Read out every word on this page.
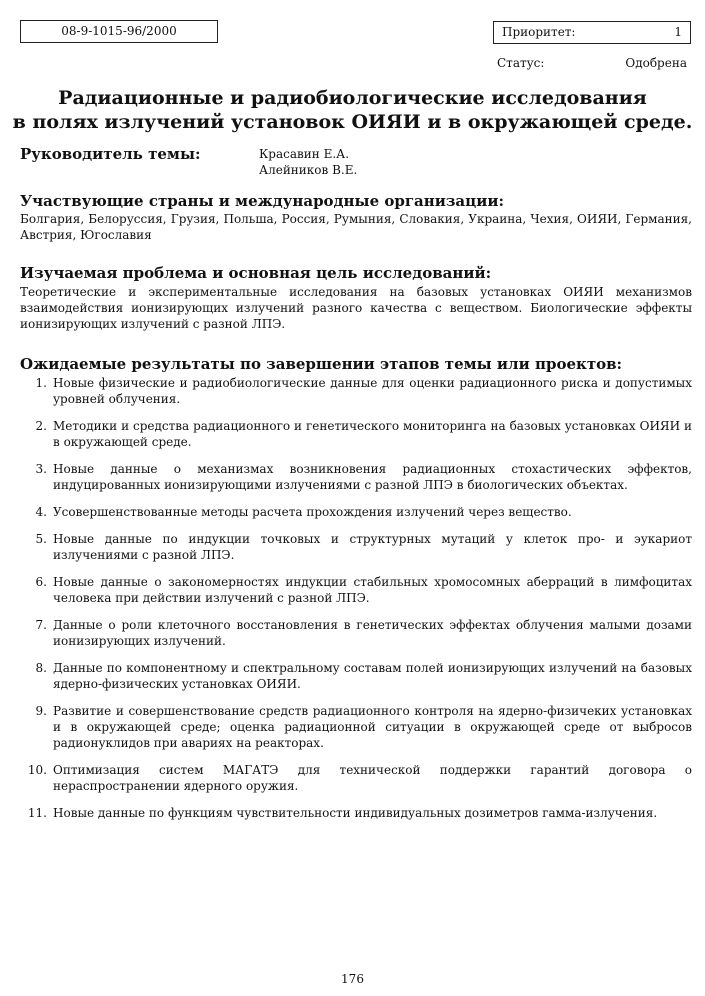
08-9-1015-96/2000	Приоритет:	1
Статус:	Одобрена
Радиационные и радиобиологические исследования
в полях излучений установок ОИЯИ и в окружающей среде.
Руководитель темы:	Красавин Е.А.
Алейников В.Е.
Участвующие страны и международные организации:
Болгария, Белоруссия, Грузия, Польша, Россия, Румыния, Словакия, Украина, Чехия, ОИЯИ, Германия, Австрия, Югославия
Изучаемая проблема и основная цель исследований:
Теоретические и экспериментальные исследования на базовых установках ОИЯИ механизмов взаимодействия ионизирующих излучений разного качества с веществом. Биологические эффекты ионизирующих излучений с разной ЛПЭ.
Ожидаемые результаты по завершении этапов темы или проектов:
1. Новые физические и радиобиологические данные для оценки радиационного риска и допустимых уровней облучения.
2. Методики и средства радиационного и генетического мониторинга на базовых установках ОИЯИ и в окружающей среде.
3. Новые данные о механизмах возникновения радиационных стохастических эффектов, индуцированных ионизирующими излучениями с разной ЛПЭ в биологических объектах.
4. Усовершенствованные методы расчета прохождения излучений через вещество.
5. Новые данные по индукции точковых и структурных мутаций у клеток про- и эукариот излучениями с разной ЛПЭ.
6. Новые данные о закономерностях индукции стабильных хромосомных аберраций в лимфоцитах человека при действии излучений с разной ЛПЭ.
7. Данные о роли клеточного восстановления в генетических эффектах облучения малыми дозами ионизирующих излучений.
8. Данные по компонентному и спектральному составам полей ионизирующих излучений на базовых ядерно-физических установках ОИЯИ.
9. Развитие и совершенствование средств радиационного контроля на ядерно-физичеких установках и в окружающей среде; оценка радиационной ситуации в окружающей среде от выбросов радионуклидов при авариях на реакторах.
10. Оптимизация систем МАГАТЭ для технической поддержки гарантий договора о нераспространении ядерного оружия.
11. Новые данные по функциям чувствительности индивидуальных дозиметров гамма-излучения.
176
